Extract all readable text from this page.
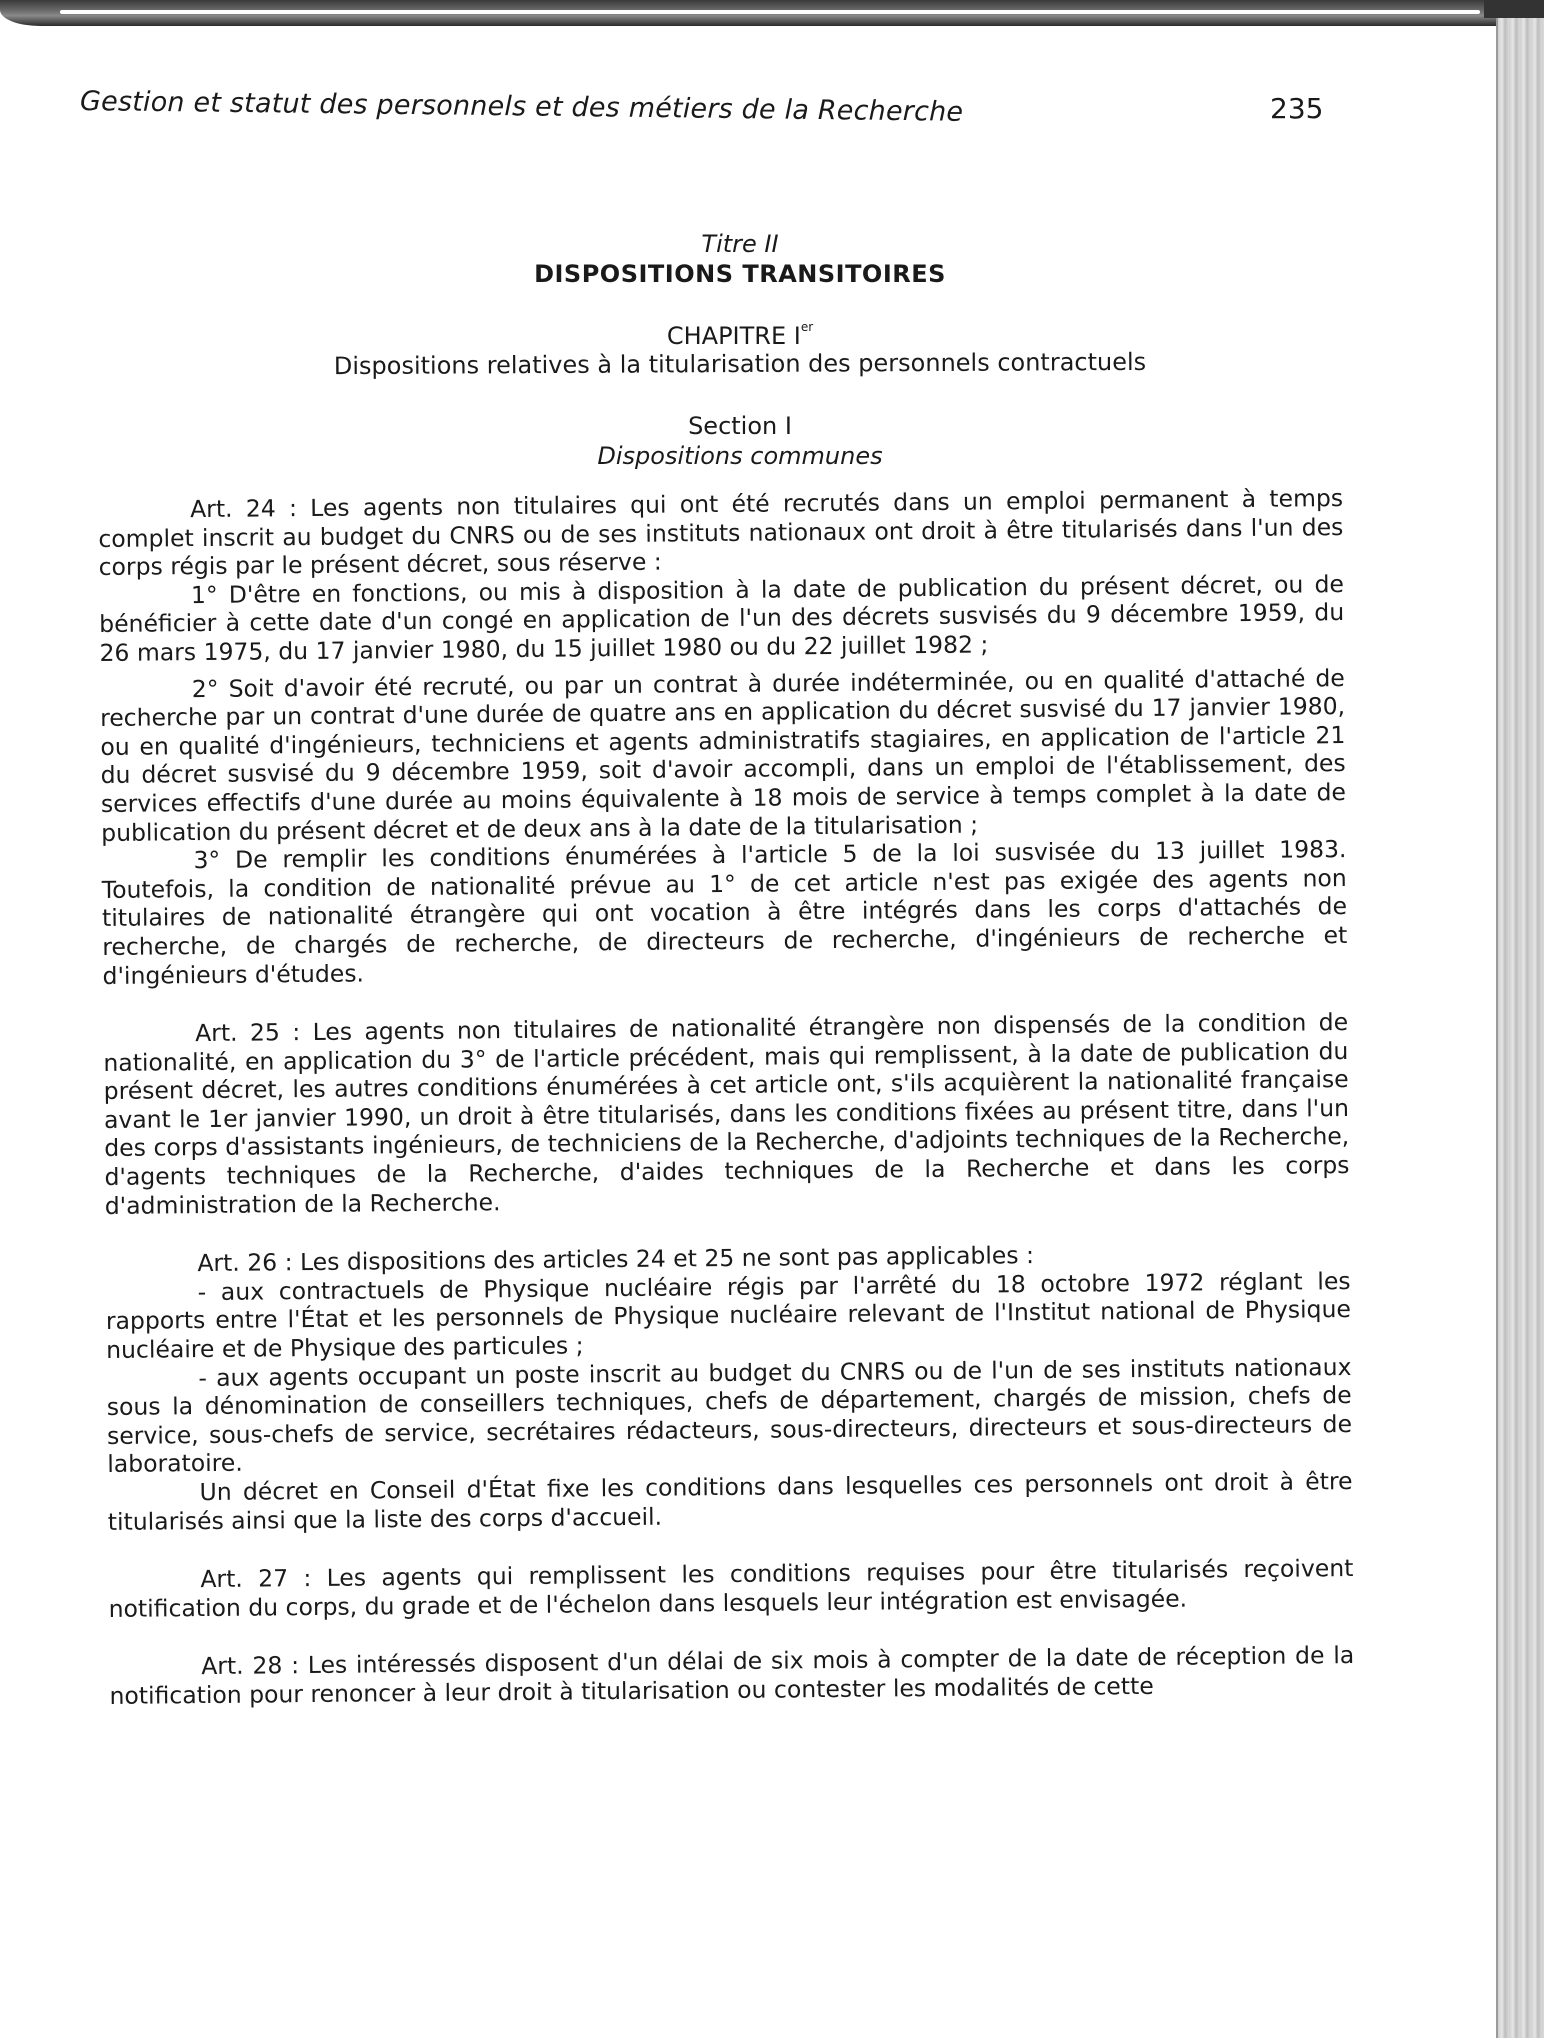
Gestion et statut des personnels et des métiers de la Recherche	235
Titre II
DISPOSITIONS TRANSITOIRES
CHAPITRE Ier
Dispositions relatives à la titularisation des personnels contractuels
Section I
Dispositions communes

Art. 24 : Les agents non titulaires qui ont été recrutés dans un emploi permanent à temps complet inscrit au budget du CNRS ou de ses instituts nationaux ont droit à être titularisés dans l'un des corps régis par le présent décret, sous réserve :

1° D'être en fonctions, ou mis à disposition à la date de publication du présent décret, ou de bénéficier à cette date d'un congé en application de l'un des décrets susvisés du 9 décembre 1959, du 26 mars 1975, du 17 janvier 1980, du 15 juillet 1980 ou du 22 juillet 1982 ;

2° Soit d'avoir été recruté, ou par un contrat à durée indéterminée, ou en qualité d'attaché de recherche par un contrat d'une durée de quatre ans en application du décret susvisé du 17 janvier 1980, ou en qualité d'ingénieurs, techniciens et agents administratifs stagiaires, en application de l'article 21 du décret susvisé du 9 décembre 1959, soit d'avoir accompli, dans un emploi de l'établissement, des services effectifs d'une durée au moins équivalente à 18 mois de service à temps complet à la date de publication du présent décret et de deux ans à la date de la titularisation ;

3° De remplir les conditions énumérées à l'article 5 de la loi susvisée du 13 juillet 1983. Toutefois, la condition de nationalité prévue au 1° de cet article n'est pas exigée des agents non titulaires de nationalité étrangère qui ont vocation à être intégrés dans les corps d'attachés de recherche, de chargés de recherche, de directeurs de recherche, d'ingénieurs de recherche et d'ingénieurs d'études.

Art. 25 : Les agents non titulaires de nationalité étrangère non dispensés de la condition de nationalité, en application du 3° de l'article précédent, mais qui remplissent, à la date de publication du présent décret, les autres conditions énumérées à cet article ont, s'ils acquièrent la nationalité française avant le 1er janvier 1990, un droit à être titularisés, dans les conditions fixées au présent titre, dans l'un des corps d'assistants ingénieurs, de techniciens de la Recherche, d'adjoints techniques de la Recherche, d'agents techniques de la Recherche, d'aides techniques de la Recherche et dans les corps d'administration de la Recherche.

Art. 26 : Les dispositions des articles 24 et 25 ne sont pas applicables :

- aux contractuels de Physique nucléaire régis par l'arrêté du 18 octobre 1972 réglant les rapports entre l'État et les personnels de Physique nucléaire relevant de l'Institut national de Physique nucléaire et de Physique des particules ;

- aux agents occupant un poste inscrit au budget du CNRS ou de l'un de ses instituts nationaux sous la dénomination de conseillers techniques, chefs de département, chargés de mission, chefs de service, sous-chefs de service, secrétaires rédacteurs, sous-directeurs, directeurs et sous-directeurs de laboratoire.

Un décret en Conseil d'État fixe les conditions dans lesquelles ces personnels ont droit à être titularisés ainsi que la liste des corps d'accueil.

Art. 27 : Les agents qui remplissent les conditions requises pour être titularisés reçoivent notification du corps, du grade et de l'échelon dans lesquels leur intégration est envisagée.

Art. 28 : Les intéressés disposent d'un délai de six mois à compter de la date de réception de la notification pour renoncer à leur droit à titularisation ou contester les modalités de cette
